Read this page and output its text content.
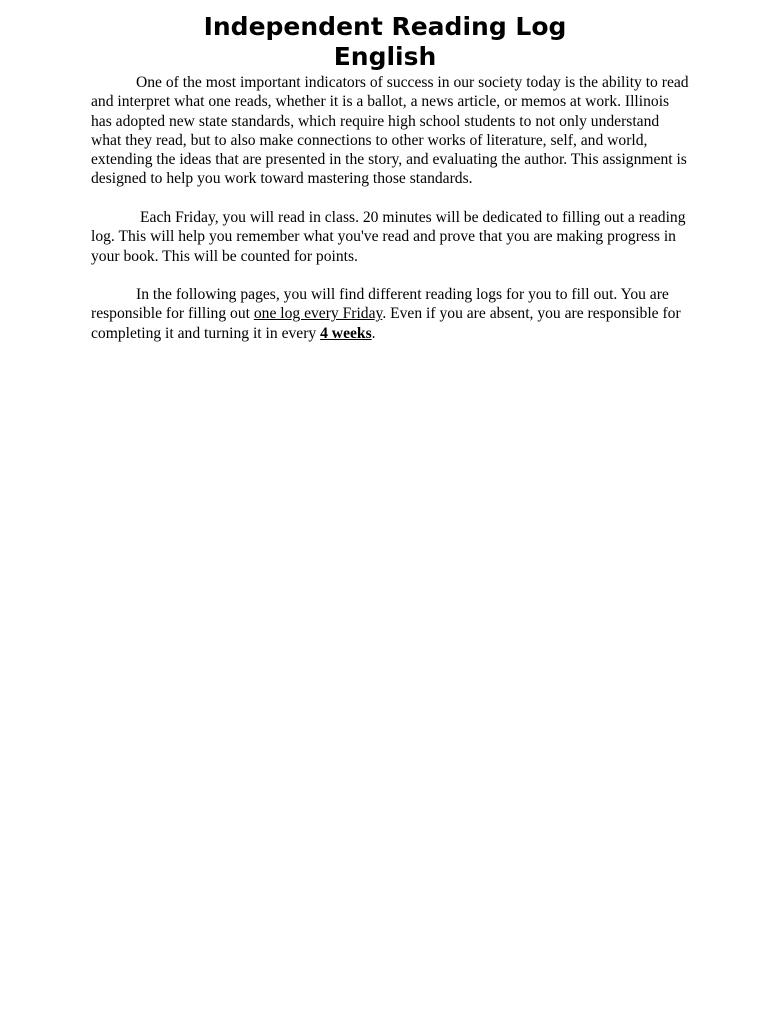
Independent Reading Log
English

One of the most important indicators of success in our society today is the ability to read and interpret what one reads, whether it is a ballot, a news article, or memos at work. Illinois has adopted new state standards, which require high school students to not only understand what they read, but to also make connections to other works of literature, self, and world, extending the ideas that are presented in the story, and evaluating the author. This assignment is designed to help you work toward mastering those standards.

Each Friday, you will read in class. 20 minutes will be dedicated to filling out a reading log. This will help you remember what you've read and prove that you are making progress in your book. This will be counted for points.

In the following pages, you will find different reading logs for you to fill out. You are responsible for filling out one log every Friday. Even if you are absent, you are responsible for completing it and turning it in every 4 weeks.
